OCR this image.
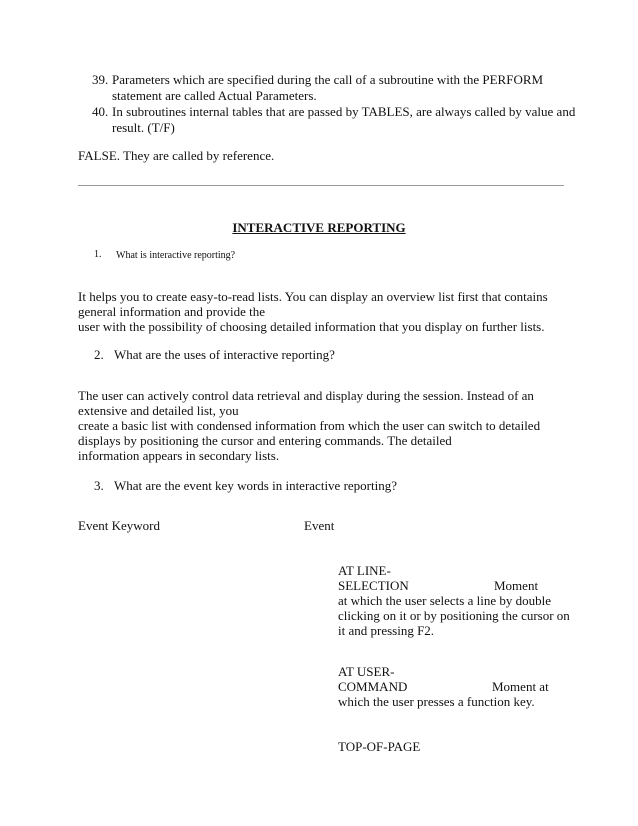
39. Parameters which are specified during the call of a subroutine with the PERFORM
statement are called Actual Parameters.
40. In subroutines internal tables that are passed by TABLES, are always called by value and
result. (T/F)
FALSE. They are called by reference.
INTERACTIVE REPORTING
1. What is interactive reporting?
It helps you to create easy-to-read lists. You can display an overview list first that contains
general information and provide the
user with the possibility of choosing detailed information that you display on further lists.
2. What are the uses of interactive reporting?
The user can actively control data retrieval and display during the session. Instead of an
extensive and detailed list, you
create a basic list with condensed information from which the user can switch to detailed
displays by positioning the cursor and entering commands. The detailed
information appears in secondary lists.
3. What are the event key words in interactive reporting?
Event Keyword	Event
AT LINE-
SELECTION	Moment
at which the user selects a line by double
clicking on it or by positioning the cursor on
it and pressing F2.
AT USER-
COMMAND	Moment at
which the user presses a function key.
TOP-OF-PAGE
